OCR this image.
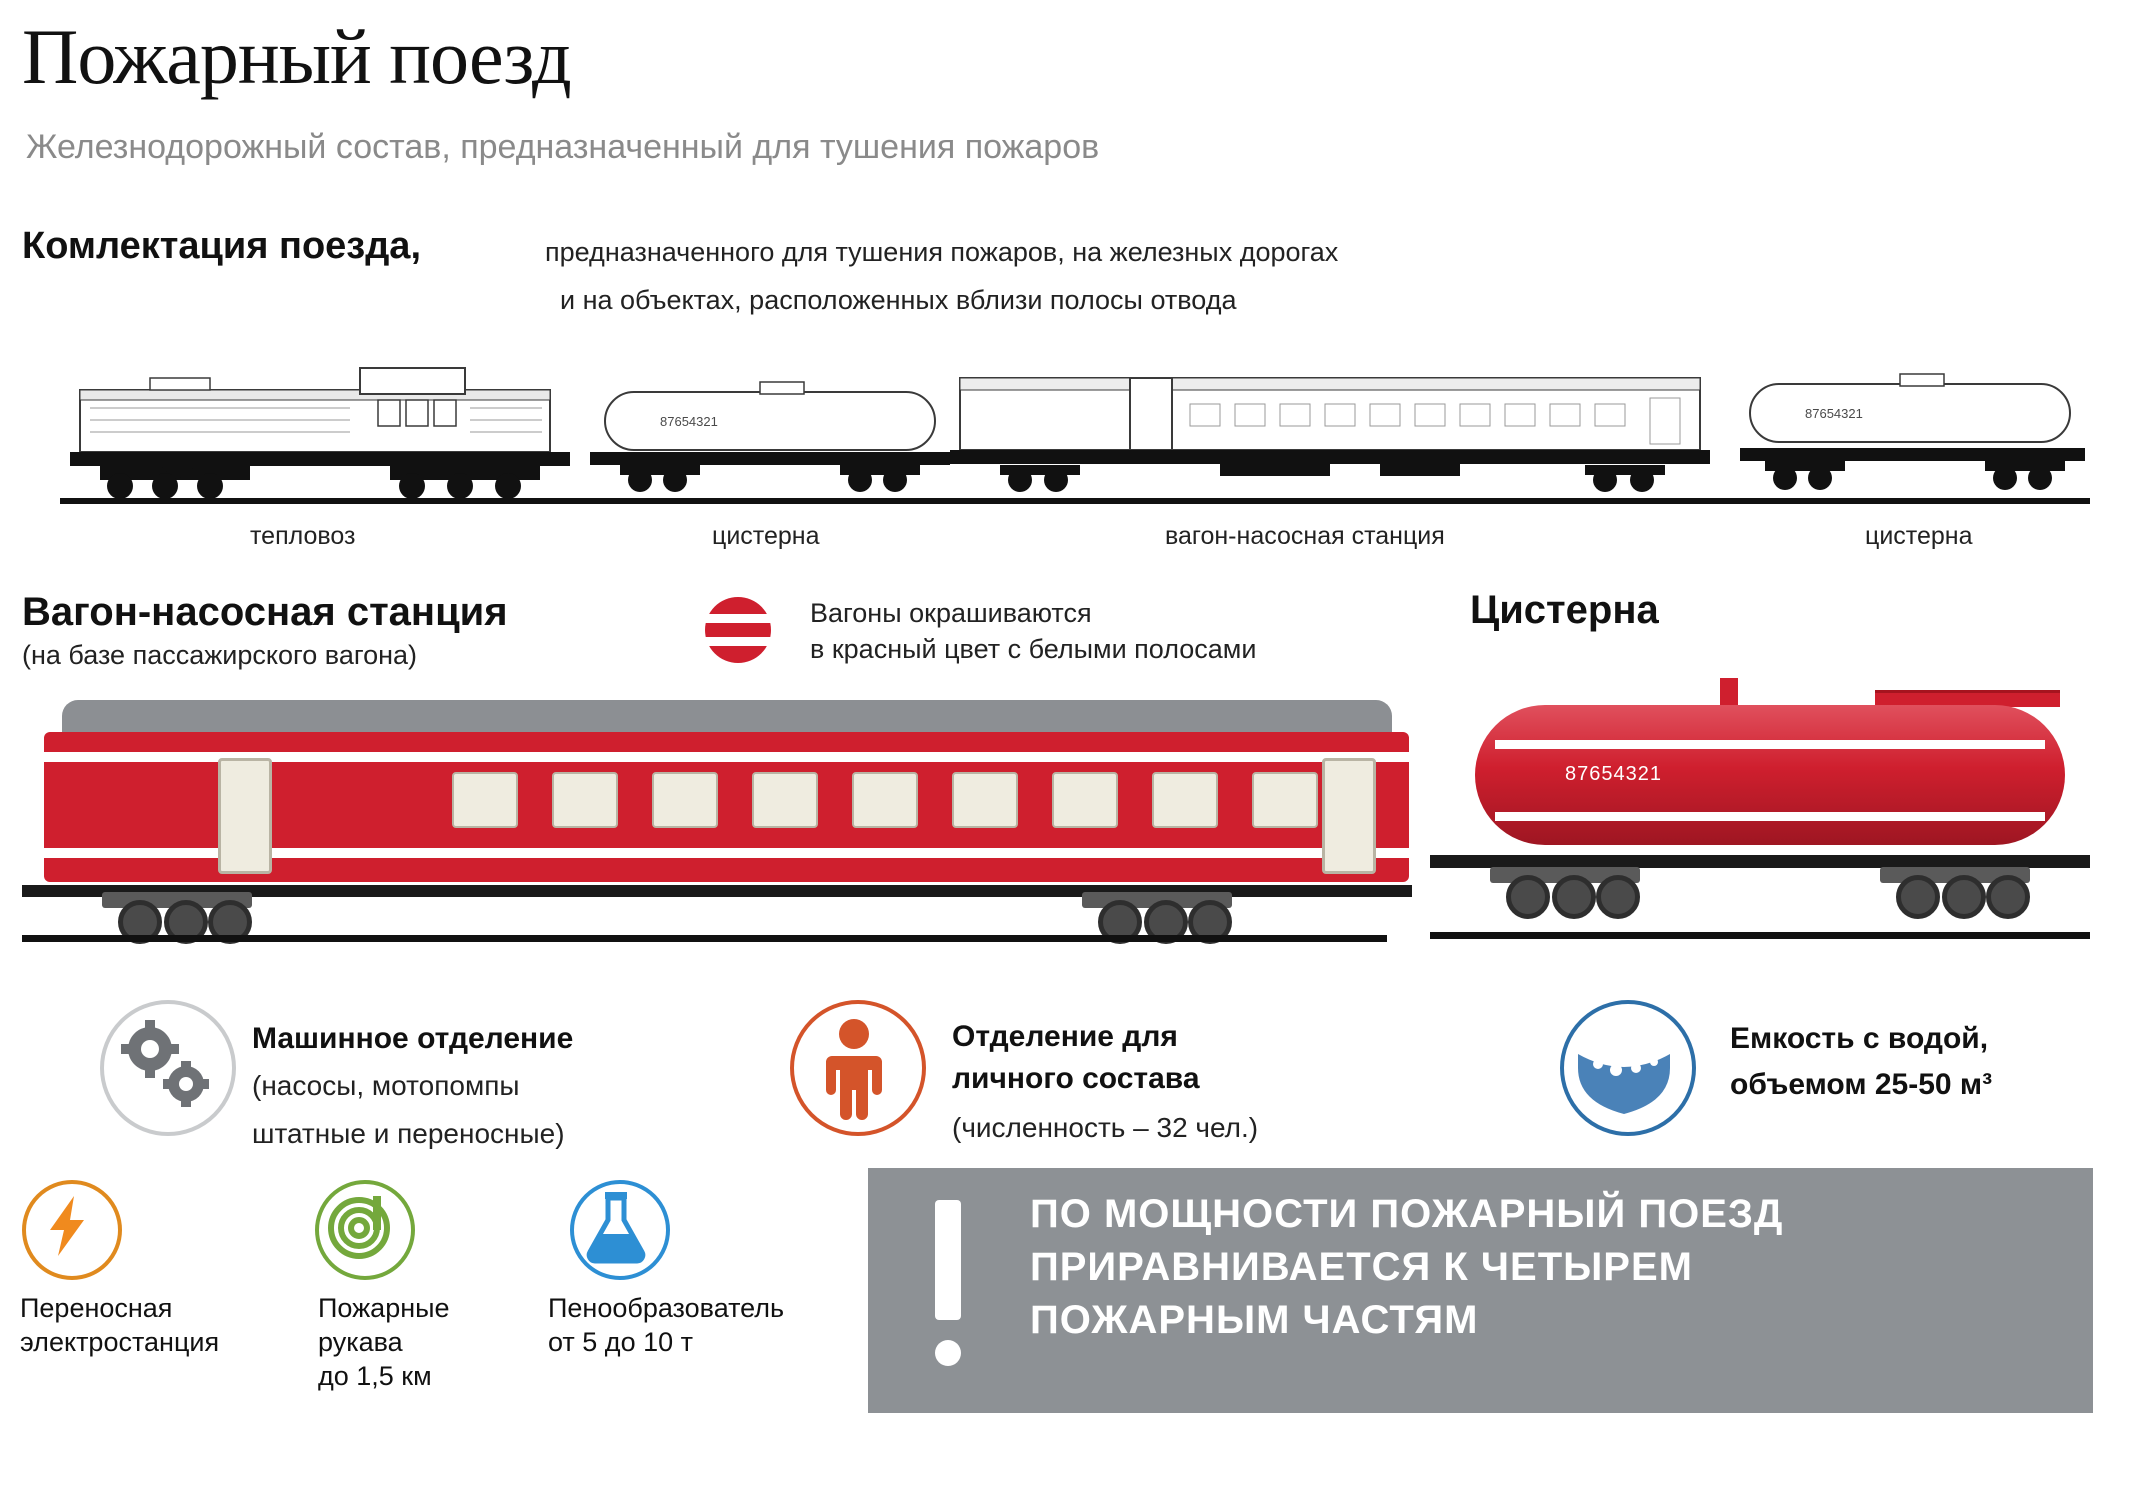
Пожарный поезд
Железнодорожный состав, предназначенный для тушения пожаров
Комлектация поезда,	предназначенного для тушения пожаров, на железных дорогах
и на объектах, расположенных вблизи полосы отвода
87654321
87654321
тепловоз	цистерна	вагон-насосная станция	цистерна
Вагон-насосная станция
(на базе пассажирского вагона)
Вагоны окрашиваются
в красный цвет с белыми полосами
Цистерна
87654321
Машинное отделение
(насосы, мотопомпы
штатные и переносные)
Отделение для
личного состава
(численность – 32 чел.)
Емкость с водой,
объемом 25-50 м³
Переносная
электростанция
Пожарные
рукава
до 1,5 км
Пенообразователь
от 5 до 10 т
ПО МОЩНОСТИ ПОЖАРНЫЙ ПОЕЗД
ПРИРАВНИВАЕТСЯ К ЧЕТЫРЕМ
ПОЖАРНЫМ ЧАСТЯМ
